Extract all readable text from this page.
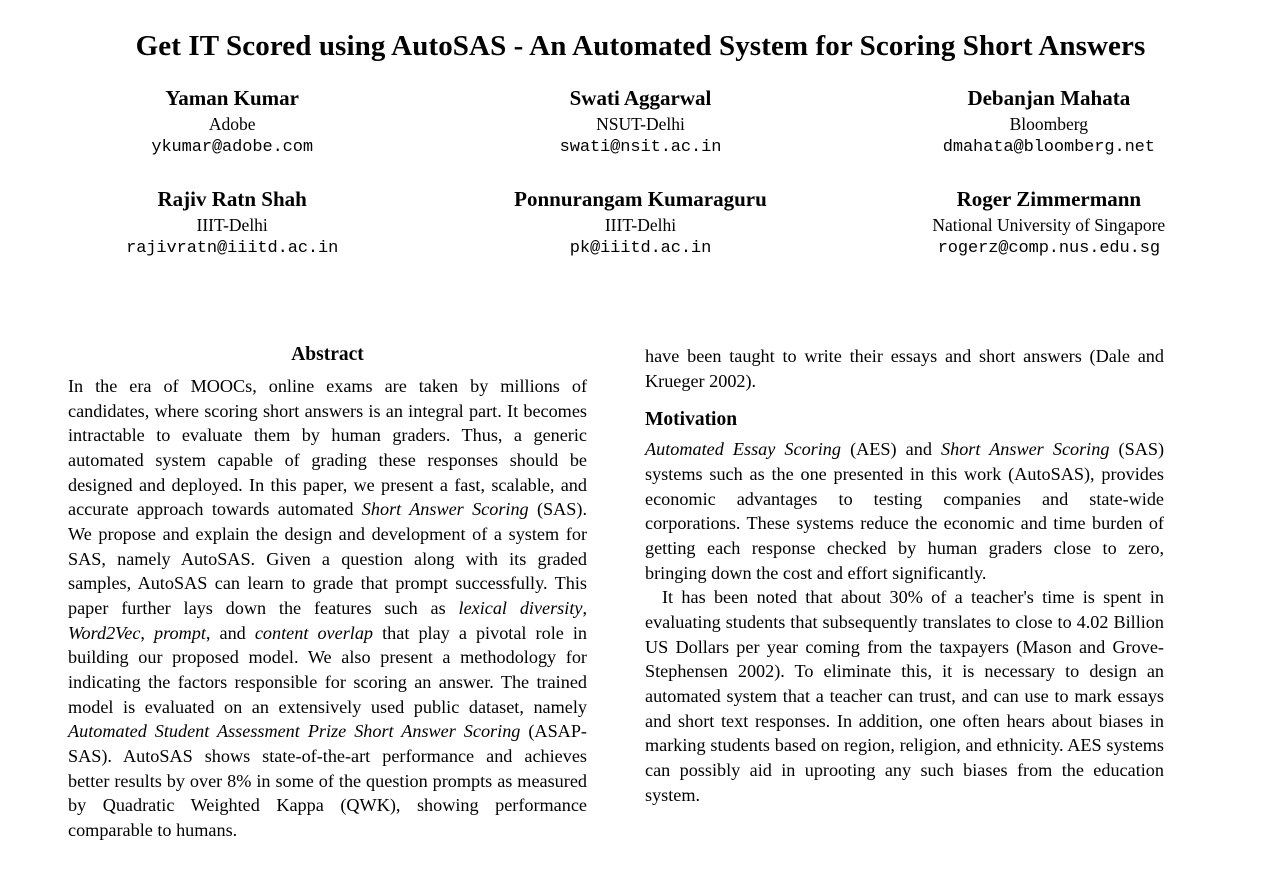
Get IT Scored using AutoSAS - An Automated System for Scoring Short Answers
Yaman Kumar
Adobe
ykumar@adobe.com
Swati Aggarwal
NSUT-Delhi
swati@nsit.ac.in
Debanjan Mahata
Bloomberg
dmahata@bloomberg.net
Rajiv Ratn Shah
IIIT-Delhi
rajivratn@iiitd.ac.in
Ponnurangam Kumaraguru
IIIT-Delhi
pk@iiitd.ac.in
Roger Zimmermann
National University of Singapore
rogerz@comp.nus.edu.sg
Abstract

In the era of MOOCs, online exams are taken by millions of candidates, where scoring short answers is an integral part. It becomes intractable to evaluate them by human graders. Thus, a generic automated system capable of grading these responses should be designed and deployed. In this paper, we present a fast, scalable, and accurate approach towards automated Short Answer Scoring (SAS). We propose and explain the design and development of a system for SAS, namely AutoSAS. Given a question along with its graded samples, AutoSAS can learn to grade that prompt successfully. This paper further lays down the features such as lexical diversity, Word2Vec, prompt, and content overlap that play a pivotal role in building our proposed model. We also present a methodology for indicating the factors responsible for scoring an answer. The trained model is evaluated on an extensively used public dataset, namely Automated Student Assessment Prize Short Answer Scoring (ASAP-SAS). AutoSAS shows state-of-the-art performance and achieves better results by over 8% in some of the question prompts as measured by Quadratic Weighted Kappa (QWK), showing performance comparable to humans.

have been taught to write their essays and short answers (Dale and Krueger 2002).

Motivation

Automated Essay Scoring (AES) and Short Answer Scoring (SAS) systems such as the one presented in this work (AutoSAS), provides economic advantages to testing companies and state-wide corporations. These systems reduce the economic and time burden of getting each response checked by human graders close to zero, bringing down the cost and effort significantly.

It has been noted that about 30% of a teacher's time is spent in evaluating students that subsequently translates to close to 4.02 Billion US Dollars per year coming from the taxpayers (Mason and Grove-Stephensen 2002). To eliminate this, it is necessary to design an automated system that a teacher can trust, and can use to mark essays and short text responses. In addition, one often hears about biases in marking students based on region, religion, and ethnicity. AES systems can possibly aid in uprooting any such biases from the education system.
